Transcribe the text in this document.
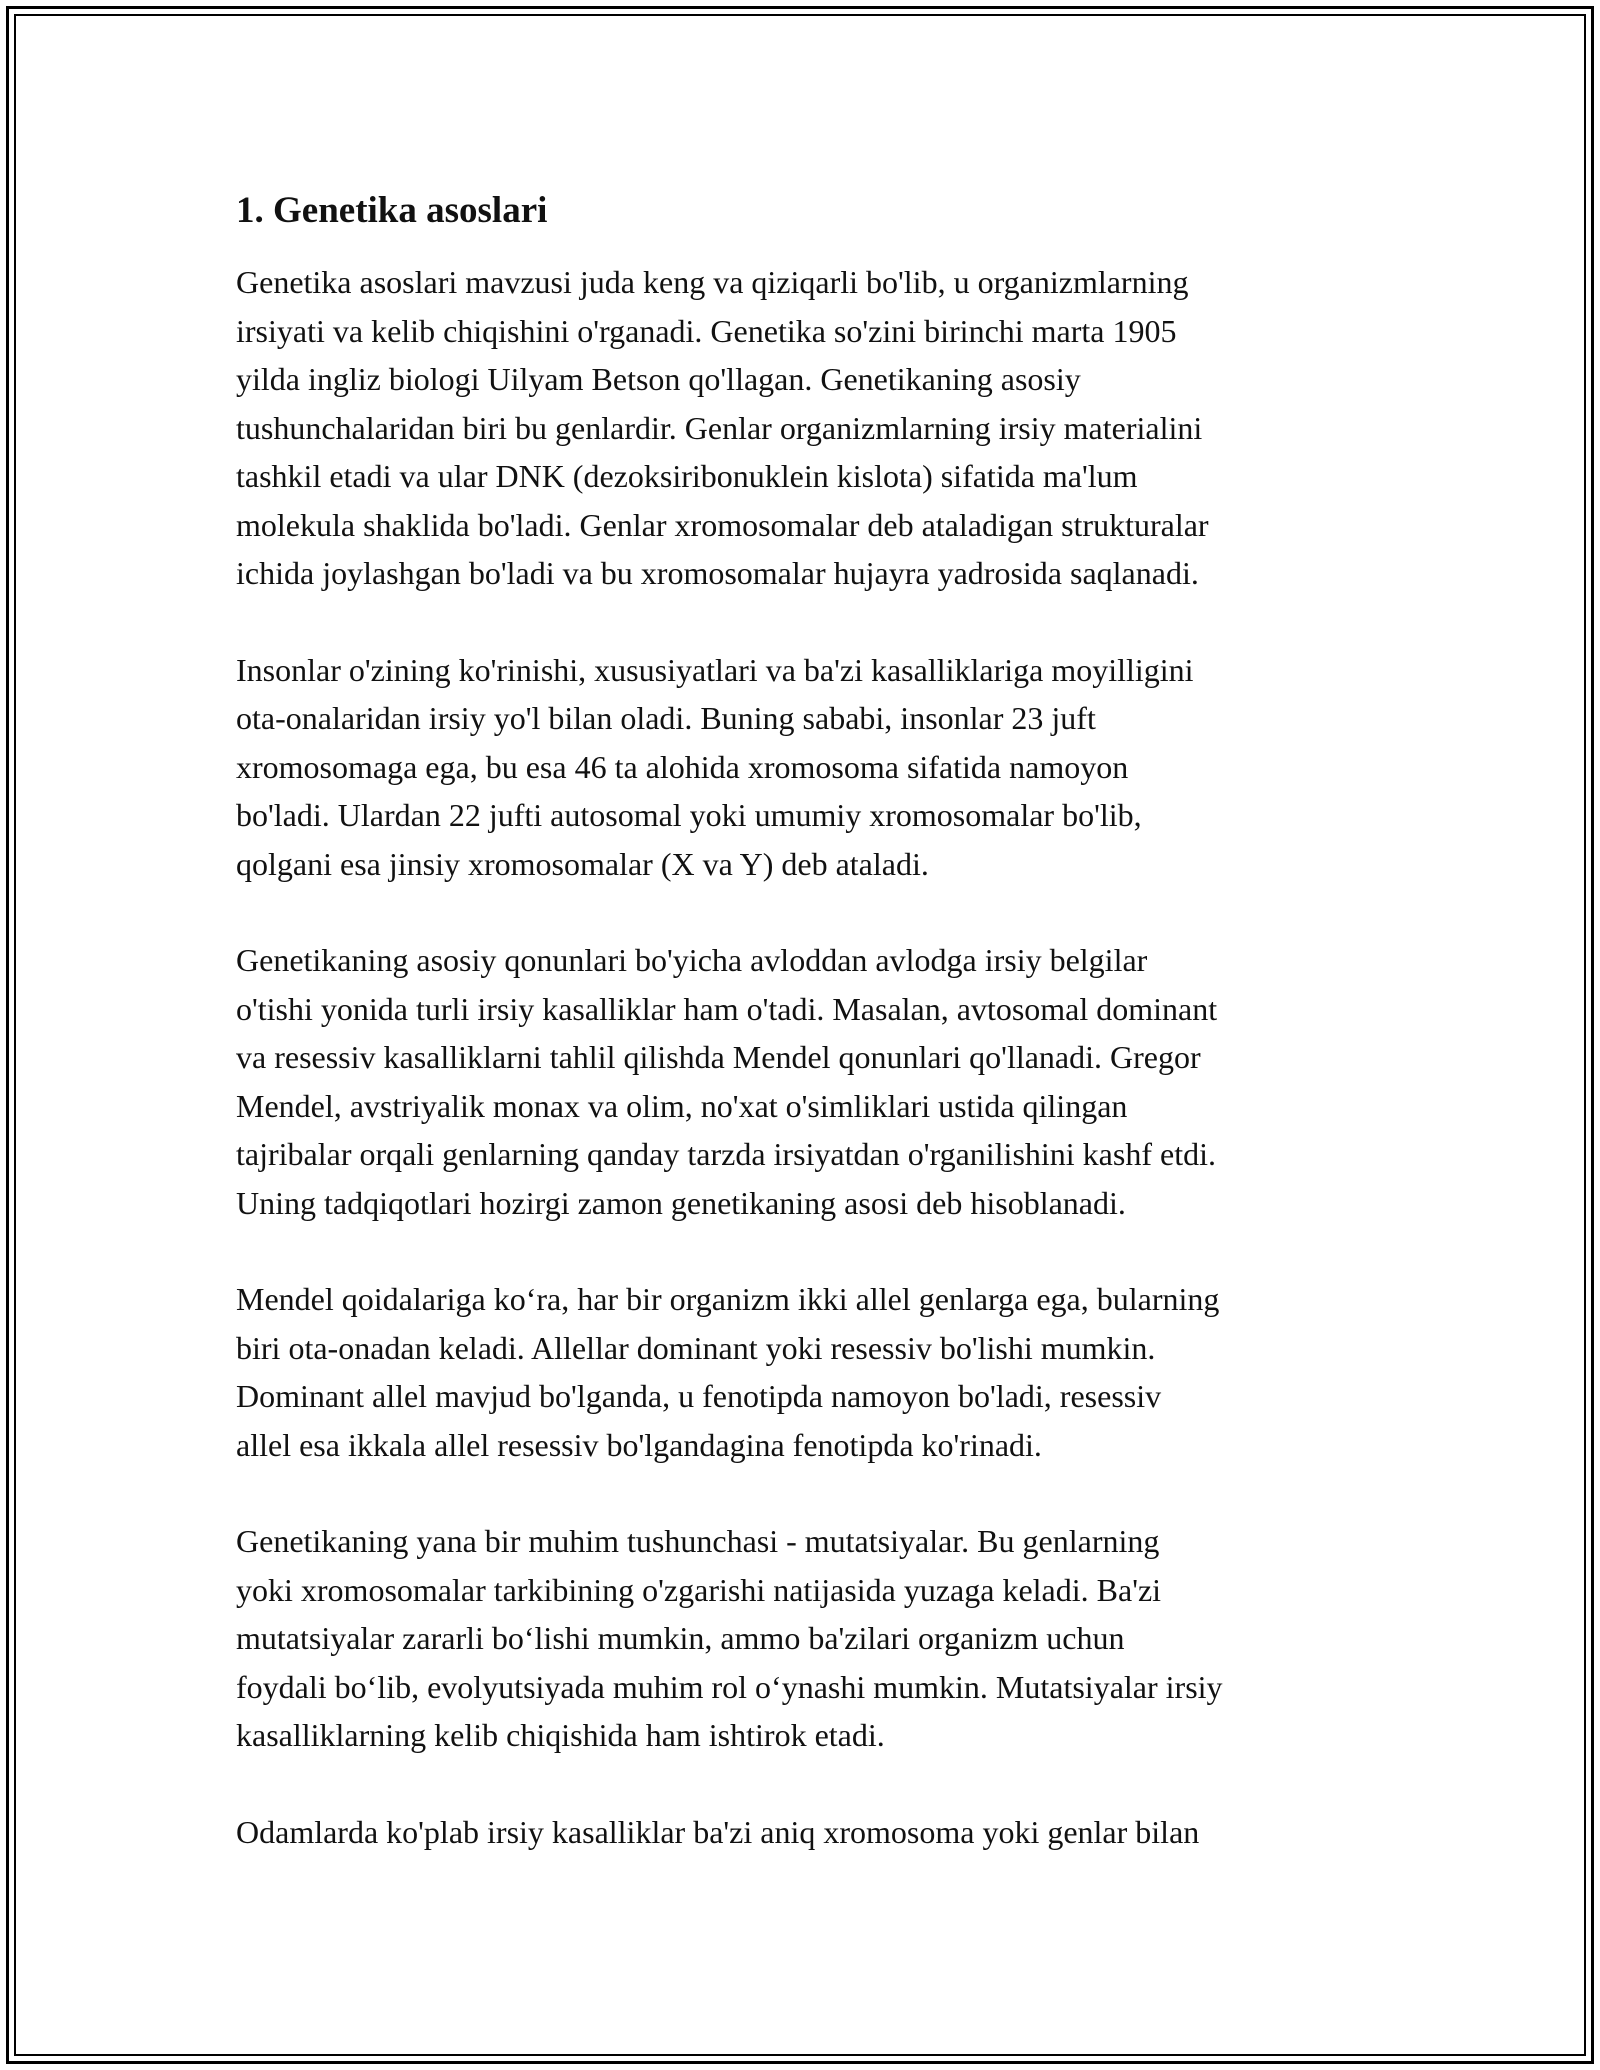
1. Genetika asoslari

Genetika asoslari mavzusi juda keng va qiziqarli bo'lib, u organizmlarning
irsiyati va kelib chiqishini o'rganadi. Genetika so'zini birinchi marta 1905
yilda ingliz biologi Uilyam Betson qo'llagan. Genetikaning asosiy
tushunchalaridan biri bu genlardir. Genlar organizmlarning irsiy materialini
tashkil etadi va ular DNK (dezoksiribonuklein kislota) sifatida ma'lum
molekula shaklida bo'ladi. Genlar xromosomalar deb ataladigan strukturalar
ichida joylashgan bo'ladi va bu xromosomalar hujayra yadrosida saqlanadi.

Insonlar o'zining ko'rinishi, xususiyatlari va ba'zi kasalliklariga moyilligini
ota-onalaridan irsiy yo'l bilan oladi. Buning sababi, insonlar 23 juft
xromosomaga ega, bu esa 46 ta alohida xromosoma sifatida namoyon
bo'ladi. Ulardan 22 jufti autosomal yoki umumiy xromosomalar bo'lib,
qolgani esa jinsiy xromosomalar (X va Y) deb ataladi.

Genetikaning asosiy qonunlari bo'yicha avloddan avlodga irsiy belgilar
o'tishi yonida turli irsiy kasalliklar ham o'tadi. Masalan, avtosomal dominant
va resessiv kasalliklarni tahlil qilishda Mendel qonunlari qo'llanadi. Gregor
Mendel, avstriyalik monax va olim, no'xat o'simliklari ustida qilingan
tajribalar orqali genlarning qanday tarzda irsiyatdan o'rganilishini kashf etdi.
Uning tadqiqotlari hozirgi zamon genetikaning asosi deb hisoblanadi.

Mendel qoidalariga ko‘ra, har bir organizm ikki allel genlarga ega, bularning
biri ota-onadan keladi. Allellar dominant yoki resessiv bo'lishi mumkin.
Dominant allel mavjud bo'lganda, u fenotipda namoyon bo'ladi, resessiv
allel esa ikkala allel resessiv bo'lgandagina fenotipda ko'rinadi.

Genetikaning yana bir muhim tushunchasi - mutatsiyalar. Bu genlarning
yoki xromosomalar tarkibining o'zgarishi natijasida yuzaga keladi. Ba'zi
mutatsiyalar zararli bo‘lishi mumkin, ammo ba'zilari organizm uchun
foydali bo‘lib, evolyutsiyada muhim rol o‘ynashi mumkin. Mutatsiyalar irsiy
kasalliklarning kelib chiqishida ham ishtirok etadi.

Odamlarda ko'plab irsiy kasalliklar ba'zi aniq xromosoma yoki genlar bilan
